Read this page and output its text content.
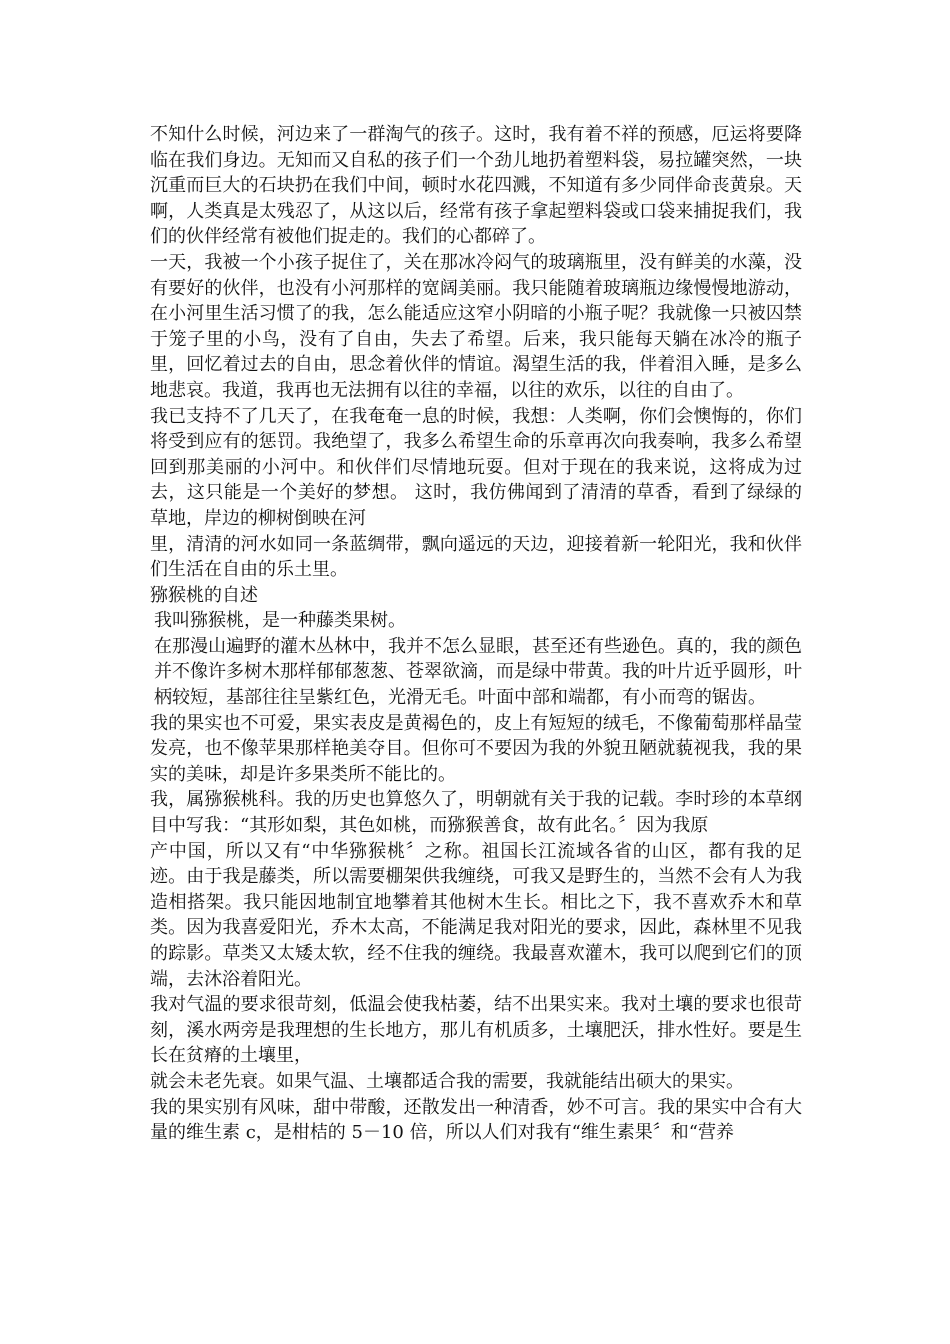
不知什么时候，河边来了一群淘气的孩子。这时，我有着不祥的预感，厄运将要降临在我们身边。无知而又自私的孩子们一个劲儿地扔着塑料袋，易拉罐突然，一块沉重而巨大的石块扔在我们中间，顿时水花四溅，不知道有多少同伴命丧黄泉。天啊，人类真是太残忍了，从这以后，经常有孩子拿起塑料袋或口袋来捕捉我们，我们的伙伴经常有被他们捉走的。我们的心都碎了。

一天，我被一个小孩子捉住了，关在那冰冷闷气的玻璃瓶里，没有鲜美的水藻，没有要好的伙伴，也没有小河那样的宽阔美丽。我只能随着玻璃瓶边缘慢慢地游动，在小河里生活习惯了的我，怎么能适应这窄小阴暗的小瓶子呢？我就像一只被囚禁于笼子里的小鸟，没有了自由，失去了希望。后来，我只能每天躺在冰冷的瓶子里，回忆着过去的自由，思念着伙伴的情谊。渴望生活的我，伴着泪入睡，是多么地悲哀。我道，我再也无法拥有以往的幸福，以往的欢乐，以往的自由了。

我已支持不了几天了，在我奄奄一息的时候，我想：人类啊，你们会懊悔的，你们将受到应有的惩罚。我绝望了，我多么希望生命的乐章再次向我奏响，我多么希望回到那美丽的小河中。和伙伴们尽情地玩耍。但对于现在的我来说，这将成为过去，这只能是一个美好的梦想。 这时，我仿佛闻到了清清的草香，看到了绿绿的草地，岸边的柳树倒映在河

里，清清的河水如同一条蓝绸带，飘向遥远的天边，迎接着新一轮阳光，我和伙伴们生活在自由的乐土里。

猕猴桃的自述

我叫猕猴桃，是一种藤类果树。

在那漫山遍野的灌木丛林中，我并不怎么显眼，甚至还有些逊色。真的，我的颜色并不像许多树木那样郁郁葱葱、苍翠欲滴，而是绿中带黄。我的叶片近乎圆形，叶柄较短，基部往往呈紫红色，光滑无毛。叶面中部和端都，有小而弯的锯齿。

我的果实也不可爱，果实表皮是黄褐色的，皮上有短短的绒毛，不像葡萄那样晶莹发亮，也不像苹果那样艳美夺目。但你可不要因为我的外貌丑陋就藐视我，我的果实的美味，却是许多果类所不能比的。

我，属猕猴桃科。我的历史也算悠久了，明朝就有关于我的记载。李时珍的本草纲目中写我：“其形如梨，其色如桃，而猕猴善食，故有此名。〞因为我原

产中国，所以又有“中华猕猴桃〞之称。祖国长江流域各省的山区，都有我的足迹。由于我是藤类，所以需要棚架供我缠绕，可我又是野生的，当然不会有人为我造相搭架。我只能因地制宜地攀着其他树木生长。相比之下，我不喜欢乔木和草类。因为我喜爱阳光，乔木太高，不能满足我对阳光的要求，因此，森林里不见我的踪影。草类又太矮太软，经不住我的缠绕。我最喜欢灌木，我可以爬到它们的顶端，去沐浴着阳光。

我对气温的要求很苛刻，低温会使我枯萎，结不出果实来。我对土壤的要求也很苛刻，溪水两旁是我理想的生长地方，那儿有机质多，土壤肥沃，排水性好。要是生长在贫瘠的土壤里，

就会未老先衰。如果气温、土壤都适合我的需要，我就能结出硕大的果实。

我的果实别有风味，甜中带酸，还散发出一种清香，妙不可言。我的果实中合有大量的维生素 c，是柑桔的 5－10 倍，所以人们对我有“维生素果〞和“营养
